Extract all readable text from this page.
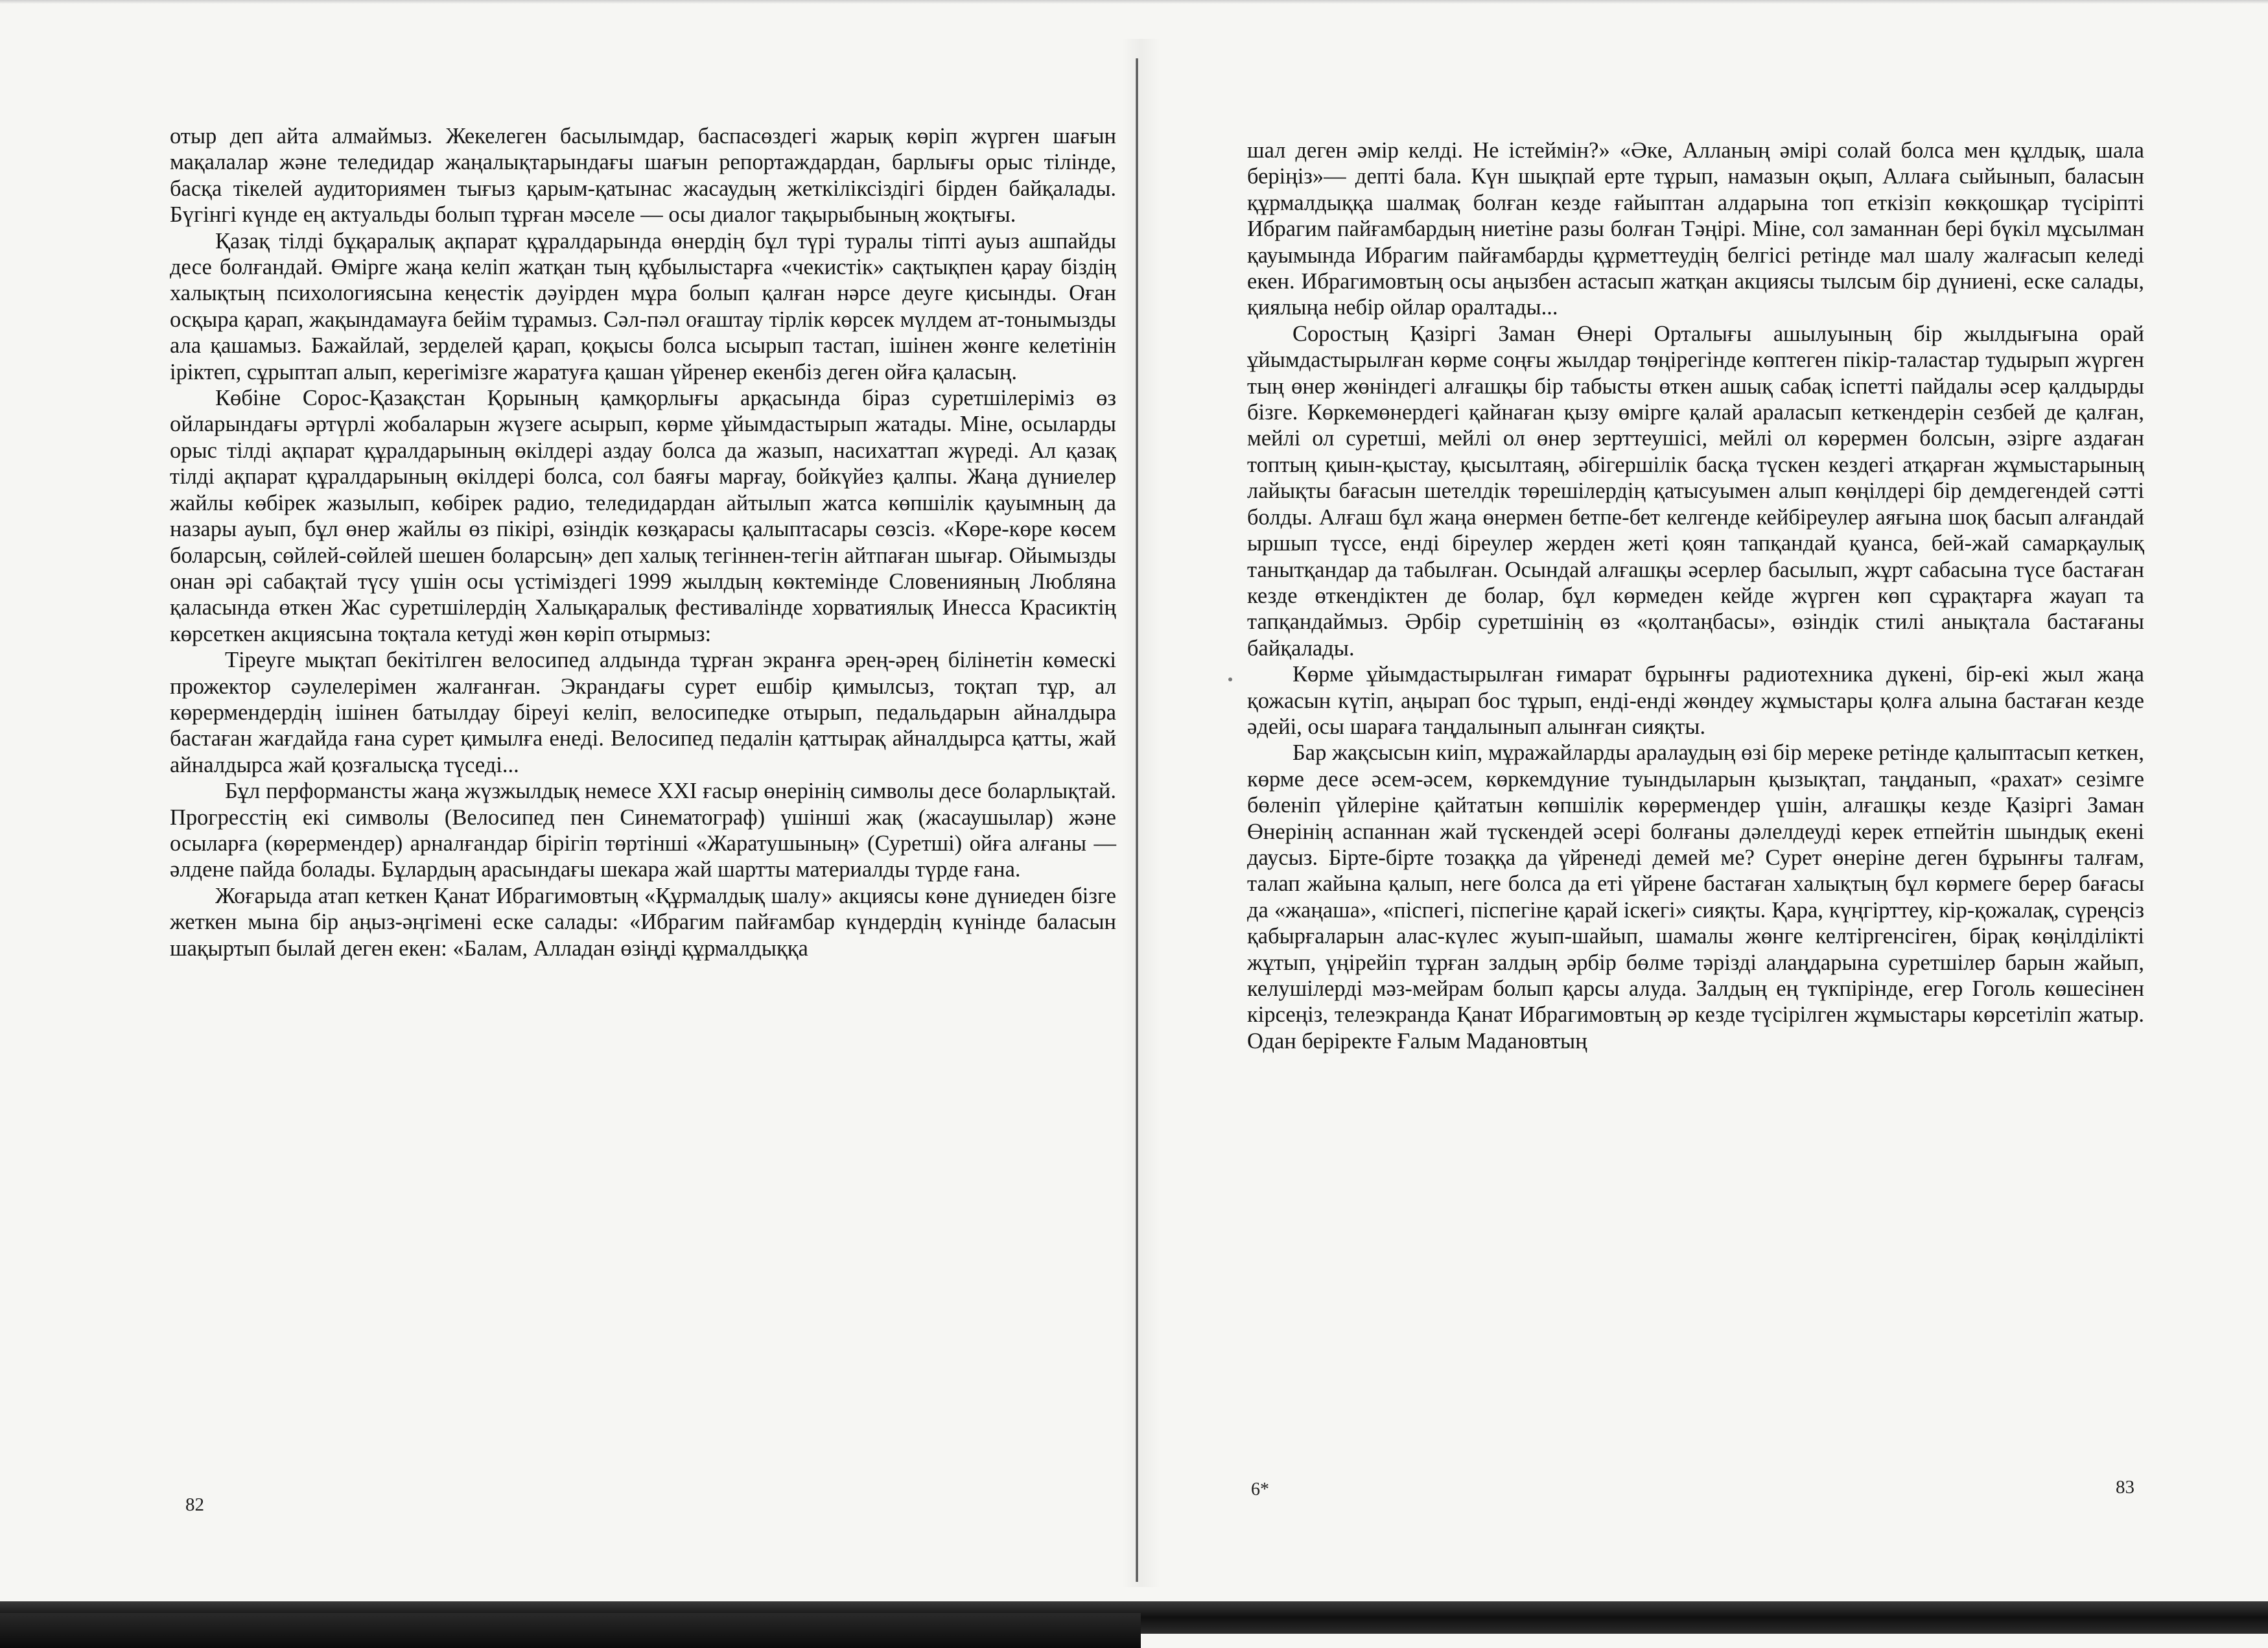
отыр деп айта алмаймыз. Жекелеген басылымдар, баспасөздегі жарық көріп жүрген шағын мақалалар және теледидар жаңалықтарындағы шағын репортаждардан, барлығы орыс тілінде, басқа тікелей аудиториямен тығыз қарым-қатынас жасаудың жеткіліксіздігі бірден байқалады. Бүгінгі күнде ең актуальды болып тұрған мәселе — осы диалог тақырыбының жоқтығы.

Қазақ тілді бұқаралық ақпарат құралдарында өнердің бұл түрі туралы тіпті ауыз ашпайды десе болғандай. Өмірге жаңа келіп жатқан тың құбылыстарға «чекистік» сақтықпен қарау біздің халықтың психологиясына кеңестік дәуірден мұра болып қалған нәрсе деуге қисынды. Оған осқыра қарап, жақындамауға бейім тұрамыз. Сәл-пәл оғаштау тірлік көрсек мүлдем ат-тонымызды ала қашамыз. Бажайлай, зерделей қарап, қоқысы болса ысырып тастап, ішінен жөнге келетінін іріктеп, сұрыптап алып, керегімізге жаратуға қашан үйренер екенбіз деген ойға қаласың.

Көбіне Сорос-Қазақстан Қорының қамқорлығы арқасында біраз суретшілеріміз өз ойларындағы әртүрлі жобаларын жүзеге асырып, көрме ұйымдастырып жатады. Міне, осыларды орыс тілді ақпарат құралдарының өкілдері аздау болса да жазып, насихаттап жүреді. Ал қазақ тілді ақпарат құралдарының өкілдері болса, сол баяғы марғау, бойкүйез қалпы. Жаңа дүниелер жайлы көбірек жазылып, көбірек радио, теледидардан айтылып жатса көпшілік қауымның да назары ауып, бұл өнер жайлы өз пікірі, өзіндік көзқарасы қалыптасары сөзсіз. «Көре-көре көсем боларсың, сөйлей-сөйлей шешен боларсың» деп халық тегіннен-тегін айтпаған шығар. Ойымызды онан әрі сабақтай түсу үшін осы үстіміздегі 1999 жылдың көктемінде Словенияның Любляна қаласында өткен Жас суретшілердің Халықаралық фестивалінде хорватиялық Инесса Красиктің көрсеткен акциясына тоқтала кетуді жөн көріп отырмыз:

Тіреуге мықтап бекітілген велосипед алдында тұрған экранға әрең-әрең білінетін көмескі прожектор сәулелерімен жалғанған. Экрандағы сурет ешбір қимылсыз, тоқтап тұр, ал көрермендердің ішінен батылдау біреуі келіп, велосипедке отырып, педальдарын айналдыра бастаған жағдайда ғана сурет қимылға енеді. Велосипед педалін қаттырақ айналдырса қатты, жай айналдырса жай қозғалысқа түседі...

Бұл перформансты жаңа жүзжылдық немесе XXI ғасыр өнерінің символы десе боларлықтай. Прогресстің екі символы (Велосипед пен Синематограф) үшінші жақ (жасаушылар) және осыларға (көрермендер) арналғандар бірігіп төртінші «Жаратушының» (Суретші) ойға алғаны — әлдене пайда болады. Бұлардың арасындағы шекара жай шартты материалды түрде ғана.

Жоғарыда атап кеткен Қанат Ибрагимовтың «Құрмалдық шалу» акциясы көне дүниеден бізге жеткен мына бір аңыз-әңгімені еске салады: «Ибрагим пайғамбар күндердің күнінде баласын шақыртып былай деген екен: «Балам, Алладан өзіңді құрмалдыққа

шал деген әмір келді. Не істеймін?» «Әке, Алланың әмірі солай болса мен құлдық, шала беріңіз»— депті бала. Күн шықпай ерте тұрып, намазын оқып, Аллаға сыйынып, баласын құрмалдыққа шалмақ болған кезде ғайыптан алдарына топ еткізіп көкқошқар түсіріпті Ибрагим пайғамбардың ниетіне разы болған Тәңірі. Міне, сол заманнан бері бүкіл мұсылман қауымында Ибрагим пайғамбарды құрметтеудің белгісі ретінде мал шалу жалғасып келеді екен. Ибрагимовтың осы аңызбен астасып жатқан акциясы тылсым бір дүниені, еске салады, қиялыңа небір ойлар оралтады...

Соростың Қазіргі Заман Өнері Орталығы ашылуының бір жылдығына орай ұйымдастырылған көрме соңғы жылдар төңірегінде көптеген пікір-таластар тудырып жүрген тың өнер жөніндегі алғашқы бір табысты өткен ашық сабақ іспетті пайдалы әсер қалдырды бізге. Көркемөнердегі қайнаған қызу өмірге қалай араласып кеткендерін сезбей де қалған, мейлі ол суретші, мейлі ол өнер зерттеушісі, мейлі ол көрермен болсын, әзірге аздаған топтың қиын-қыстау, қысылтаяң, әбігершілік басқа түскен кездегі атқарған жұмыстарының лайықты бағасын шетелдік төрешілердің қатысуымен алып көңілдері бір демдегендей сәтті болды. Алғаш бұл жаңа өнермен бетпе-бет келгенде кейбіреулер аяғына шоқ басып алғандай ыршып түссе, енді біреулер жерден жеті қоян тапқандай қуанса, бей-жай самарқаулық танытқандар да табылған. Осындай алғашқы әсерлер басылып, жұрт сабасына түсе бастаған кезде өткендіктен де болар, бұл көрмеден кейде жүрген көп сұрақтарға жауап та тапқандаймыз. Әрбір суретшінің өз «қолтаңбасы», өзіндік стилі анықтала бастағаны байқалады.

Көрме ұйымдастырылған ғимарат бұрынғы радиотехника дүкені, бір-екі жыл жаңа қожасын күтіп, аңырап бос тұрып, енді-енді жөндеу жұмыстары қолға алына бастаған кезде әдейі, осы шараға таңдалынып алынған сияқты.

Бар жақсысын киіп, мұражайларды аралаудың өзі бір мереке ретінде қалыптасып кеткен, көрме десе әсем-әсем, көркемдүние туындыларын қызықтап, таңданып, «рахат» сезімге бөленіп үйлеріне қайтатын көпшілік көрермендер үшін, алғашқы кезде Қазіргі Заман Өнерінің аспаннан жай түскендей әсері болғаны дәлелдеуді керек етпейтін шындық екені даусыз. Бірте-бірте тозаққа да үйренеді демей ме? Сурет өнеріне деген бұрынғы талғам, талап жайына қалып, неге болса да еті үйрене бастаған халықтың бұл көрмеге берер бағасы да «жаңаша», «піспегі, піспегіне қарай іскегі» сияқты. Қара, күңгірттеу, кір-қожалақ, сүреңсіз қабырғаларын алас-күлес жуып-шайып, шамалы жөнге келтіргенсіген, бірақ көңілділікті жұтып, үңірейіп тұрған залдың әрбір бөлме тәрізді алаңдарына суретшілер барын жайып, келушілерді мәз-мейрам болып қарсы алуда. Залдың ең түкпірінде, егер Гоголь көшесінен кірсеңіз, телеэкранда Қанат Ибрагимовтың әр кезде түсірілген жұмыстары көрсетіліп жатыр. Одан беріректе Ғалым Мадановтың

82
6*	83
